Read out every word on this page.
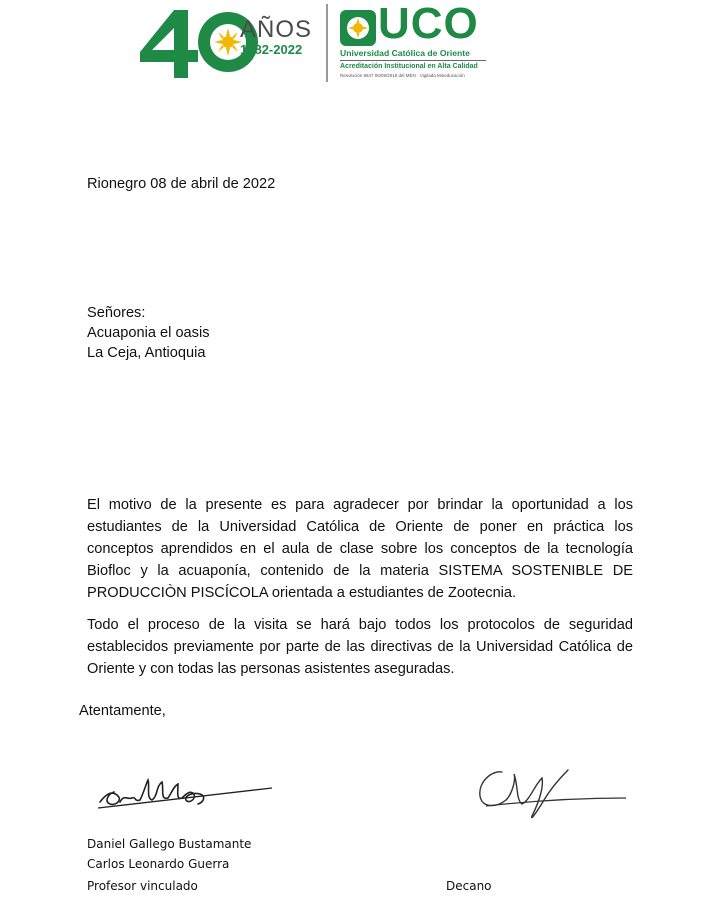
AÑOS
1982-2022
UCO
Universidad Católica de Oriente
Acreditación Institucional en Alta Calidad
Resolución 9547 06/09/2019 del MEN · Vigilada Mineducación
Rionegro 08 de abril de 2022
Señores:
Acuaponia el oasis
La Ceja, Antioquia
El motivo de la presente es para agradecer por brindar la oportunidad a los estudiantes de la Universidad Católica de Oriente de poner en práctica los conceptos aprendidos en el aula de clase sobre los conceptos de la tecnología Biofloc y la acuaponía, contenido de la materia SISTEMA SOSTENIBLE DE PRODUCCIÒN PISCÍCOLA orientada a estudiantes de Zootecnia.
Todo el proceso de la visita se hará bajo todos los protocolos de seguridad establecidos previamente por parte de las directivas de la Universidad Católica de Oriente y con todas las personas asistentes aseguradas.
Atentamente,
Daniel Gallego Bustamante
Carlos Leonardo Guerra
Profesor vinculado	Decano
